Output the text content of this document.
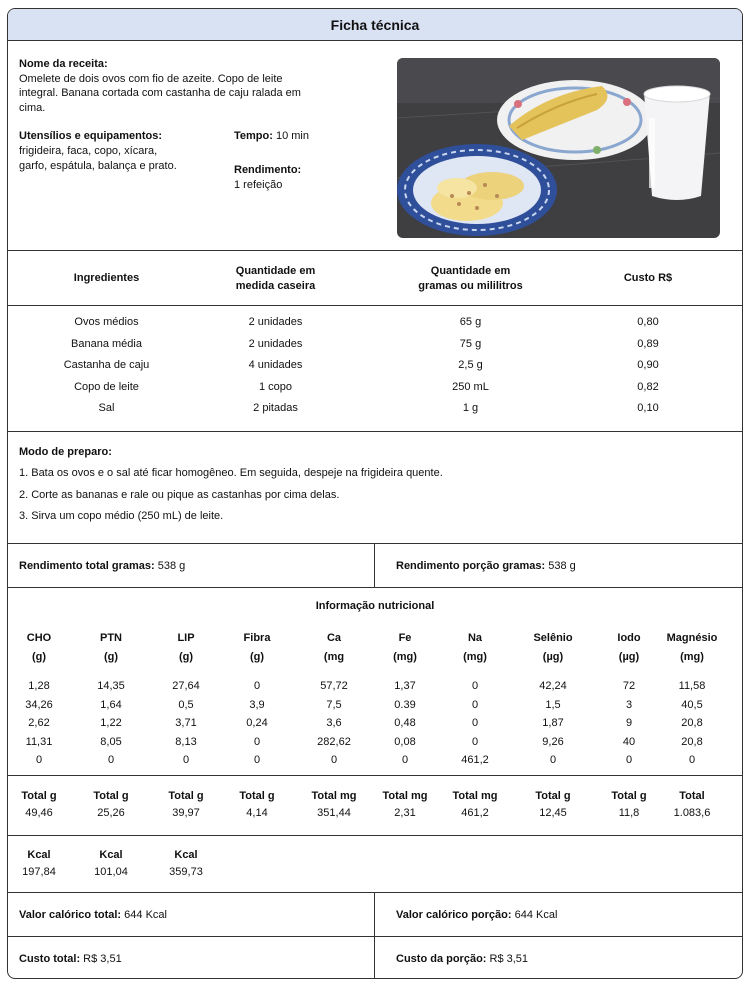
Ficha técnica
Nome da receita:
Omelete de dois ovos com fio de azeite. Copo de leite
integral. Banana cortada com castanha de caju ralada em
cima.
Utensílios e equipamentos:
frigideira, faca, copo, xícara,
garfo, espátula, balança e prato.
Tempo: 10 min
Rendimento:
1 refeição
Ingredientes
Quantidade em
medida caseira
Quantidade em
gramas ou mililitros
Custo R$
Ovos médios	2 unidades	65 g	0,80
Banana média	2 unidades	75 g	0,89
Castanha de caju	4 unidades	2,5 g	0,90
Copo de leite	1 copo	250 mL	0,82
Sal	2 pitadas	1 g	0,10

Modo de preparo:

1. Bata os ovos e o sal até ficar homogêneo. Em seguida, despeje na frigideira quente.

2. Corte as bananas e rale ou pique as castanhas por cima delas.

3. Sirva um copo médio (250 mL) de leite.

Rendimento total gramas:
538 g	Rendimento porção gramas:
538 g
Informação nutricional
CHO	PTN	LIP	Fibra	Ca	Fe	Na	Selênio	Iodo	Magnésio
(g)	(g)	(g)	(g)	(mg	(mg)	(mg)	(µg)	(µg)	(mg)
1,28	14,35	27,64	0	57,72	1,37	0	42,24	72	11,58
34,26	1,64	0,5	3,9	7,5	0.39	0	1,5	3	40,5
2,62	1,22	3,71	0,24	3,6	0,48	0	1,87	9	20,8
11,31	8,05	8,13	0	282,62	0,08	0	9,26	40	20,8
0	0	0	0	0	0	461,2	0	0	0
Total g	Total g	Total g	Total g	Total mg	Total mg	Total mg	Total g	Total g	Total
49,46	25,26	39,97	4,14	351,44	2,31	461,2	12,45	11,8	1.083,6
Kcal	Kcal	Kcal
197,84	101,04	359,73
Valor calórico total:
644 Kcal	Valor calórico porção:
644 Kcal
Custo total:
R$ 3,51	Custo da porção:
R$ 3,51
